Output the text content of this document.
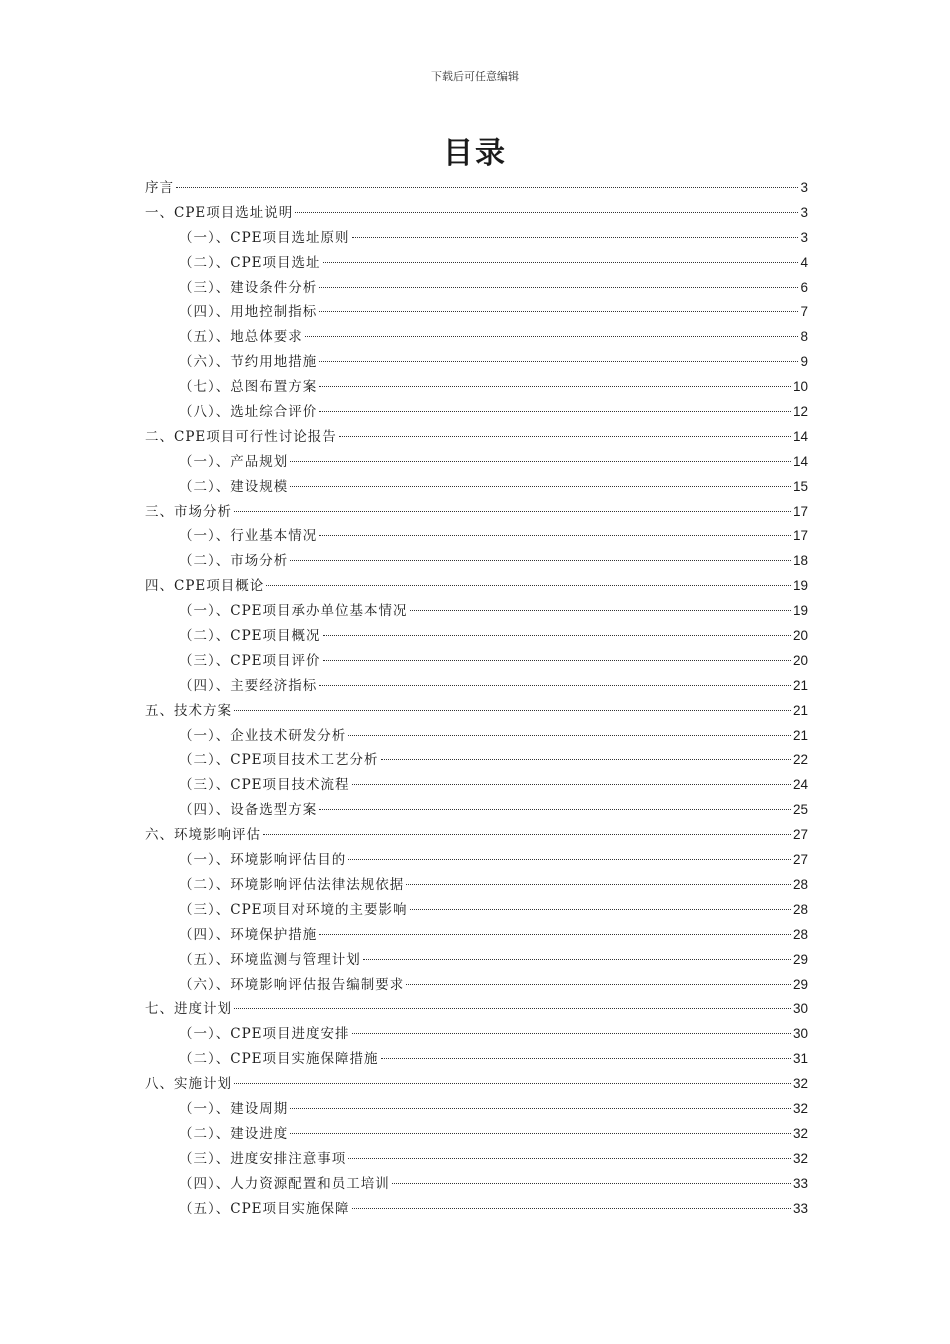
下载后可任意编辑
目录
序言	3
一、CPE项目选址说明	3
（一）、CPE项目选址原则	3
（二）、CPE项目选址	4
（三）、建设条件分析	6
（四）、用地控制指标	7
（五）、地总体要求	8
（六）、节约用地措施	9
（七）、总图布置方案	10
（八）、选址综合评价	12
二、CPE项目可行性讨论报告	14
（一）、产品规划	14
（二）、建设规模	15
三、市场分析	17
（一）、行业基本情况	17
（二）、市场分析	18
四、CPE项目概论	19
（一）、CPE项目承办单位基本情况	19
（二）、CPE项目概况	20
（三）、CPE项目评价	20
（四）、主要经济指标	21
五、技术方案	21
（一）、企业技术研发分析	21
（二）、CPE项目技术工艺分析	22
（三）、CPE项目技术流程	24
（四）、设备选型方案	25
六、环境影响评估	27
（一）、环境影响评估目的	27
（二）、环境影响评估法律法规依据	28
（三）、CPE项目对环境的主要影响	28
（四）、环境保护措施	28
（五）、环境监测与管理计划	29
（六）、环境影响评估报告编制要求	29
七、进度计划	30
（一）、CPE项目进度安排	30
（二）、CPE项目实施保障措施	31
八、实施计划	32
（一）、建设周期	32
（二）、建设进度	32
（三）、进度安排注意事项	32
（四）、人力资源配置和员工培训	33
（五）、CPE项目实施保障	33
